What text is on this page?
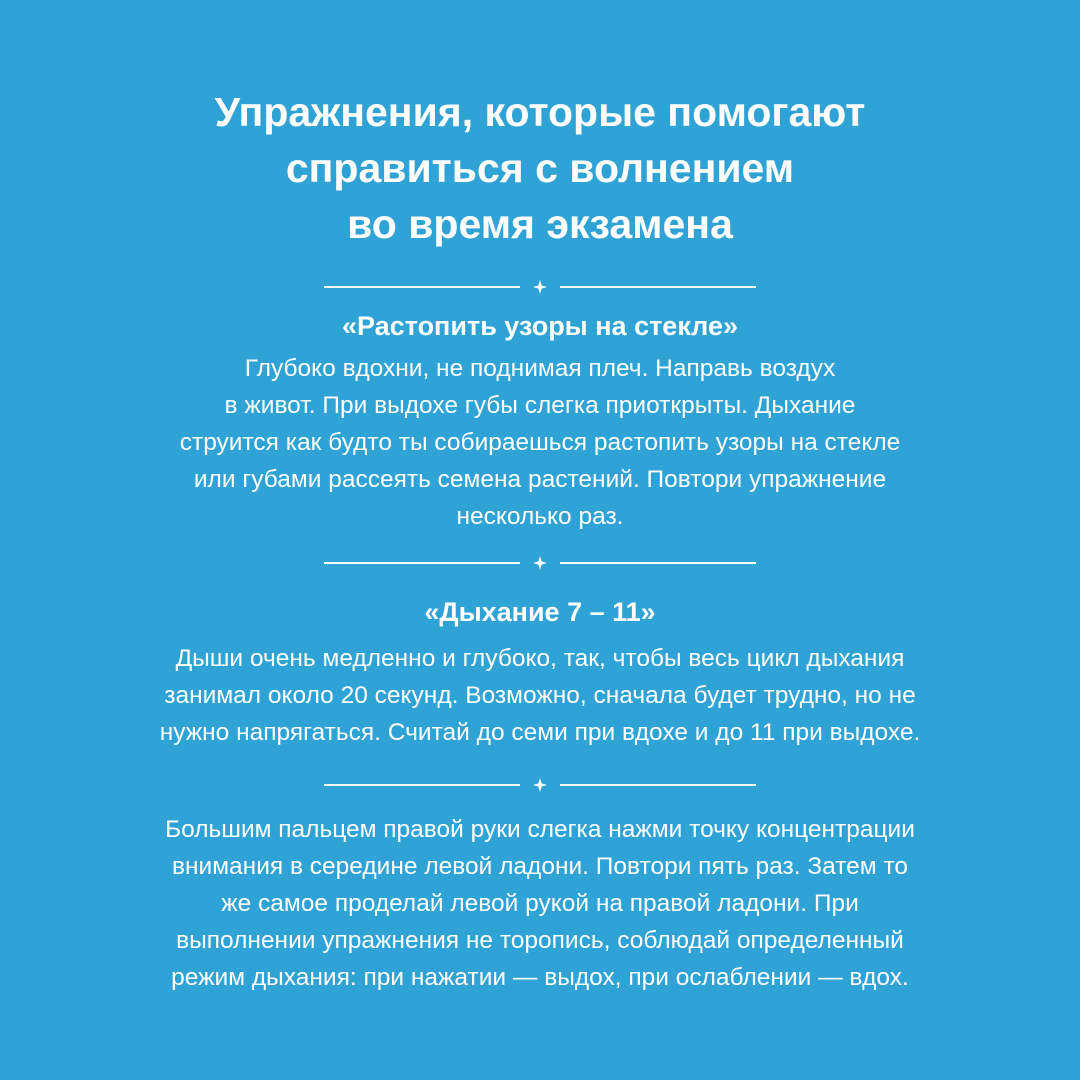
Упражнения, которые помогают
справиться с волнением
во время экзамена
«Растопить узоры на стекле»

Глубоко вдохни, не поднимая плеч. Направь воздух
в живот. При выдохе губы слегка приоткрыты. Дыхание
струится как будто ты собираешься растопить узоры на стекле
или губами рассеять семена растений. Повтори упражнение
несколько раз.

«Дыхание 7 – 11»

Дыши очень медленно и глубоко, так, чтобы весь цикл дыхания
занимал около 20 секунд. Возможно, сначала будет трудно, но не
нужно напрягаться. Считай до семи при вдохе и до 11 при выдохе.

Большим пальцем правой руки слегка нажми точку концентрации
внимания в середине левой ладони. Повтори пять раз. Затем то
же самое проделай левой рукой на правой ладони. При
выполнении упражнения не торопись, соблюдай определенный
режим дыхания: при нажатии — выдох, при ослаблении — вдох.
